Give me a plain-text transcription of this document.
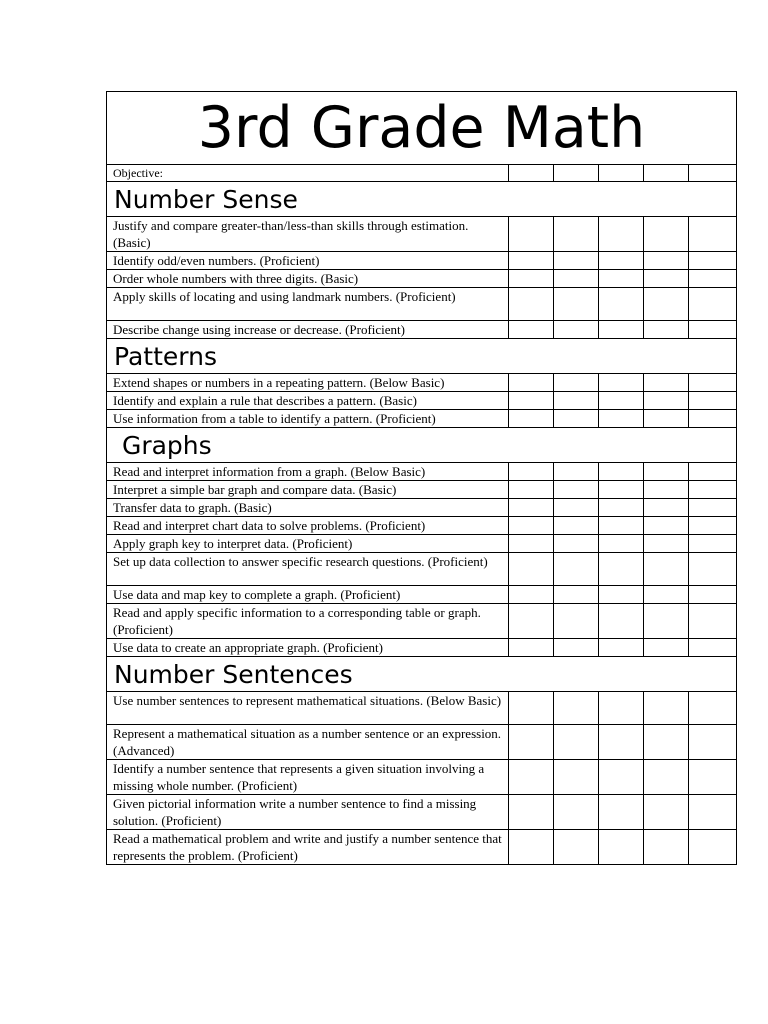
3rd Grade Math					
Objective:					
Number Sense					
Justify and compare greater-than/less-than skills through estimation. (Basic)					
Identify odd/even numbers. (Proficient)					
Order whole numbers with three digits. (Basic)					
Apply skills of locating and using landmark numbers. (Proficient)					
Describe change using increase or decrease. (Proficient)					
Patterns					
Extend shapes or numbers in a repeating pattern. (Below Basic)					
Identify and explain a rule that describes a pattern. (Basic)					
Use information from a table to identify a pattern. (Proficient)					
Graphs					
Read and interpret information from a graph. (Below Basic)					
Interpret a simple bar graph and compare data. (Basic)					
Transfer data to graph. (Basic)					
Read and interpret chart data to solve problems. (Proficient)					
Apply graph key to interpret data. (Proficient)					
Set up data collection to answer specific research questions. (Proficient)					
Use data and map key to complete a graph. (Proficient)					
Read and apply specific information to a corresponding table or graph. (Proficient)					
Use data to create an appropriate graph. (Proficient)					
Number Sentences					
Use number sentences to represent mathematical situations. (Below Basic)					
Represent a mathematical situation as a number sentence or an expression. (Advanced)					
Identify a number sentence that represents a given situation involving a missing whole number. (Proficient)					
Given pictorial information write a number sentence to find a missing solution. (Proficient)					
Read a mathematical problem and write and justify a number sentence that represents the problem. (Proficient)					
